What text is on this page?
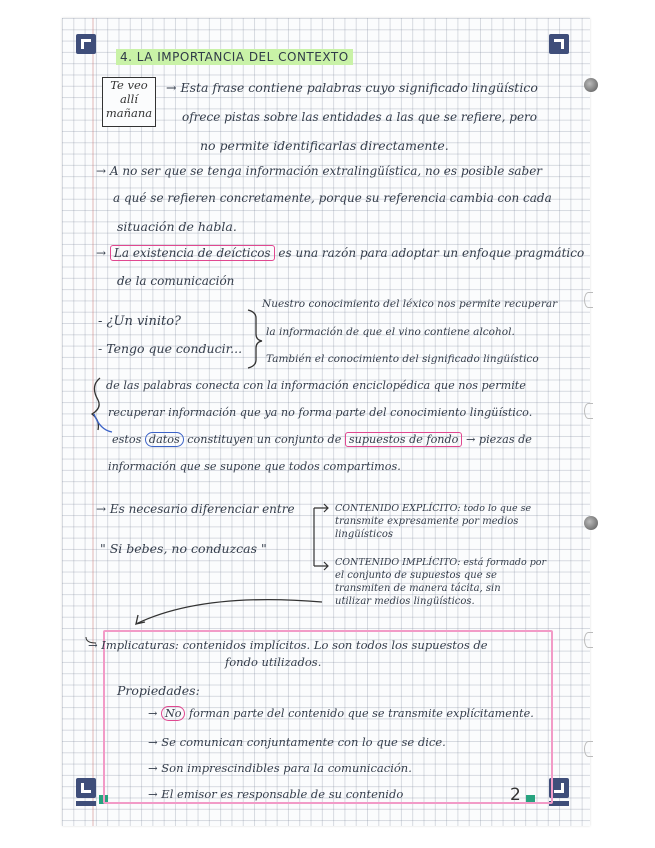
4. LA IMPORTANCIA DEL CONTEXTO
Te veo
allí
mañana
→ Esta frase contiene palabras cuyo significado lingüístico
ofrece pistas sobre las entidades a las que se refiere, pero
no permite identificarlas directamente.
→ A no ser que se tenga información extralingüística, no es posible saber
a qué se refieren concretamente, porque su referencia cambia con cada
situación de habla.
→ La existencia de deícticos es una razón para adoptar un enfoque pragmático
de la comunicación
- ¿Un vinito?
- Tengo que conducir...
Nuestro conocimiento del léxico nos permite recuperar
la información de que el vino contiene alcohol.
También el conocimiento del significado lingüístico
de las palabras conecta con la información enciclopédica que nos permite
recuperar información que ya no forma parte del conocimiento lingüístico.
estos datos constituyen un conjunto de supuestos de fondo → piezas de
información que se supone que todos compartimos.
→ Es necesario diferenciar entre
" Si bebes, no conduzcas "
CONTENIDO EXPLÍCITO: todo lo que se
transmite expresamente por medios
lingüísticos
CONTENIDO IMPLÍCITO: está formado por
el conjunto de supuestos que se
transmiten de manera tácita, sin
utilizar medios lingüísticos.
→ Implicaturas: contenidos implícitos. Lo son todos los supuestos de
fondo utilizados.
Propiedades:
→ No forman parte del contenido que se transmite explícitamente.
→ Se comunican conjuntamente con lo que se dice.
→ Son imprescindibles para la comunicación.
→ El emisor es responsable de su contenido	2
